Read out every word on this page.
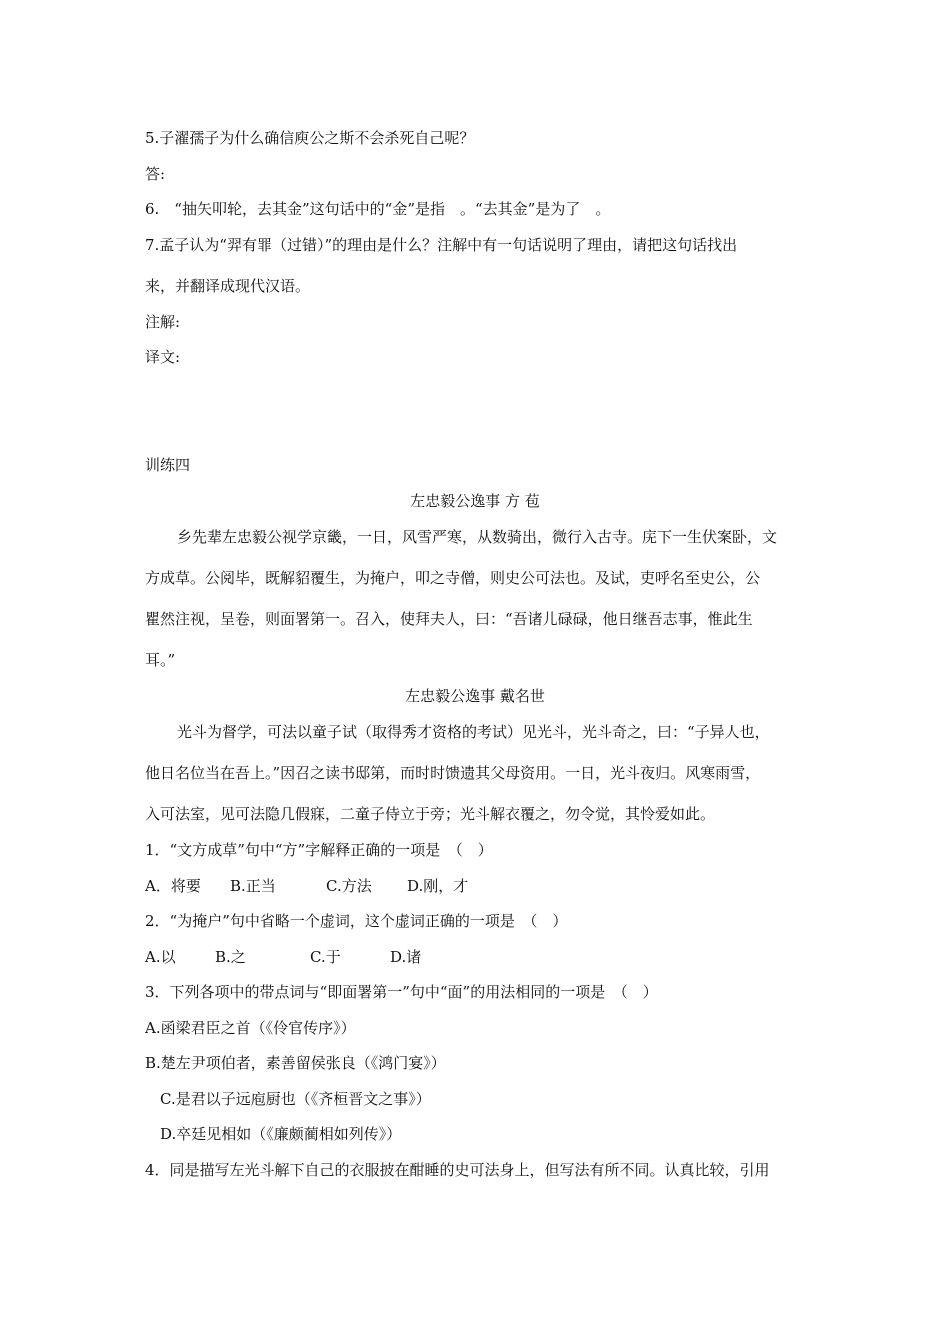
5.子濯孺子为什么确信庾公之斯不会杀死自己呢？
答:
6.　“抽矢叩轮，去其金”这句话中的“金”是指　。“去其金”是为了　。
7.孟子认为“羿有罪（过错）”的理由是什么？注解中有一句话说明了理由，请把这句话找出
来，并翻译成现代汉语。
注解:
译文:
训练四
左忠毅公逸事 方 苞
乡先辈左忠毅公视学京畿，一日，风雪严寒，从数骑出，微行入古寺。庑下一生伏案卧，文
方成草。公阅毕，既解貂覆生，为掩户，叩之寺僧，则史公可法也。及试，吏呼名至史公，公
瞿然注视，呈卷，则面署第一。召入，使拜夫人，曰：“吾诸儿碌碌，他日继吾志事，惟此生
耳。”
左忠毅公逸事 戴名世
光斗为督学，可法以童子试（取得秀才资格的考试）见光斗，光斗奇之，曰：“子异人也，
他日名位当在吾上。”因召之读书邸第，而时时馈遗其父母资用。一日，光斗夜归。风寒雨雪，
入可法室，见可法隐几假寐，二童子侍立于旁；光斗解衣覆之，勿令觉，其怜爱如此。
1．“文方成草”句中“方”字解释正确的一项是　（　）
A．将要 B.正当	C.方法 D.刚，才
2．“为掩户”句中省略一个虚词，这个虚词正确的一项是　（　）
A.以	B.之	C.于	D.诸
3．下列各项中的带点词与“即面署第一”句中“面”的用法相同的一项是　（　）
A.函梁君臣之首（《伶官传序》）
B.楚左尹项伯者，素善留侯张良（《鸿门宴》）
C.是君以子远庖厨也（《齐桓晋文之事》）
D.卒廷见相如（《廉颇蔺相如列传》）
4．同是描写左光斗解下自己的衣服披在酣睡的史可法身上，但写法有所不同。认真比较，引用
